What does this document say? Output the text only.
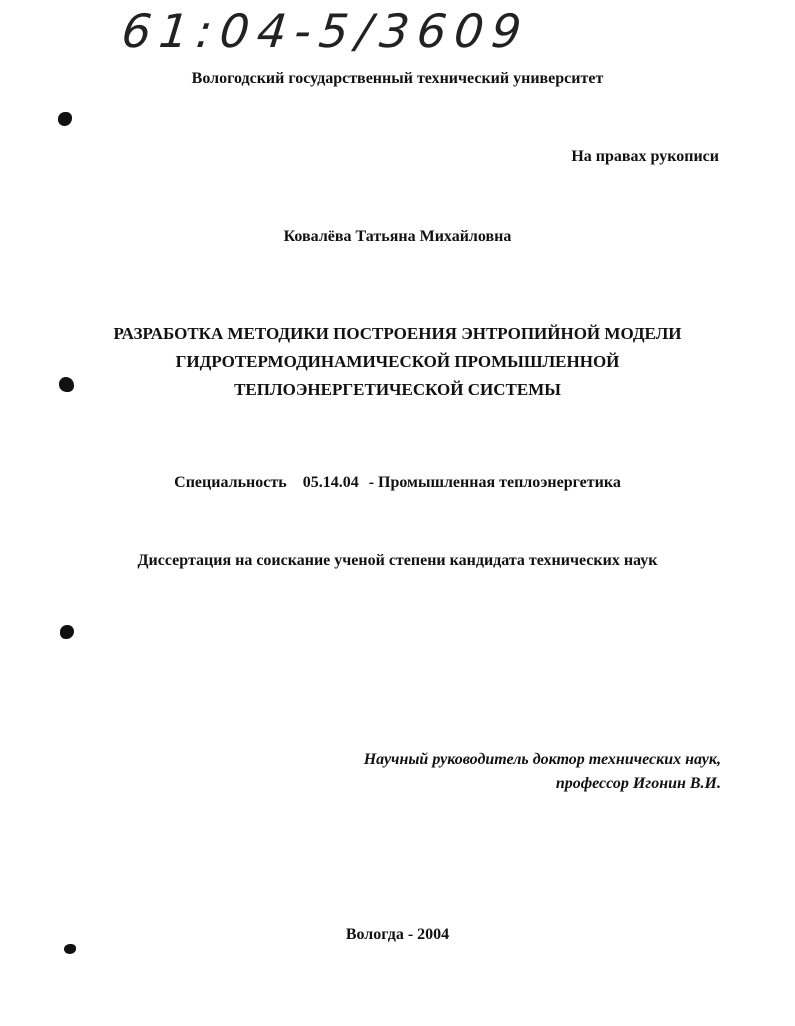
61:04-5/3609
Вологодский государственный технический университет
На правах рукописи
Ковалёва Татьяна Михайловна
РАЗРАБОТКА МЕТОДИКИ ПОСТРОЕНИЯ ЭНТРОПИЙНОЙ МОДЕЛИ
ГИДРОТЕРМОДИНАМИЧЕСКОЙ ПРОМЫШЛЕННОЙ
ТЕПЛОЭНЕРГЕТИЧЕСКОЙ СИСТЕМЫ
Специальность 05.14.04 - Промышленная теплоэнергетика
Диссертация на соискание ученой степени кандидата технических наук
Научный руководитель доктор технических наук,
профессор Игонин В.И.
Вологда - 2004
